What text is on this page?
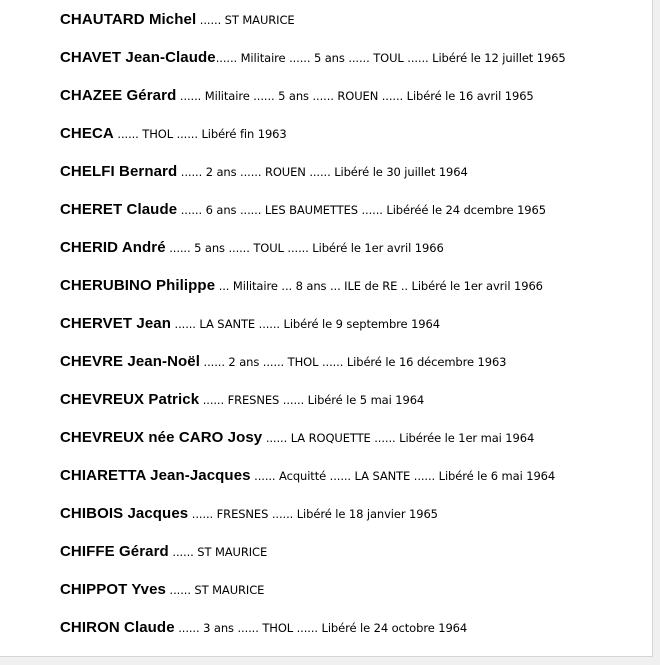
CHAUTARD Michel ...... ST MAURICE
CHAVET Jean-Claude...... Militaire ...... 5 ans ...... TOUL ...... Libéré le 12 juillet 1965
CHAZEE Gérard ...... Militaire ...... 5 ans ...... ROUEN ...... Libéré le 16 avril 1965
CHECA ...... THOL ...... Libéré fin 1963
CHELFI Bernard ...... 2 ans ...... ROUEN ...... Libéré le 30 juillet 1964
CHERET Claude ...... 6 ans ...... LES BAUMETTES ...... Libéréé le 24 dcembre 1965
CHERID André ...... 5 ans ...... TOUL ...... Libéré le 1er avril 1966
CHERUBINO Philippe ... Militaire ... 8 ans ... ILE de RE .. Libéré le 1er avril 1966
CHERVET Jean ...... LA SANTE ...... Libéré le 9 septembre 1964
CHEVRE Jean-Noël ...... 2 ans ...... THOL ...... Libéré le 16 décembre 1963
CHEVREUX Patrick ...... FRESNES ...... Libéré le 5 mai 1964
CHEVREUX née CARO Josy ...... LA ROQUETTE ...... Libérée le 1er mai 1964
CHIARETTA Jean-Jacques ...... Acquitté ...... LA SANTE ...... Libéré le 6 mai 1964
CHIBOIS Jacques ...... FRESNES ...... Libéré le 18 janvier 1965
CHIFFE Gérard ...... ST MAURICE
CHIPPOT Yves ...... ST MAURICE
CHIRON Claude ...... 3 ans ...... THOL ...... Libéré le 24 octobre 1964
